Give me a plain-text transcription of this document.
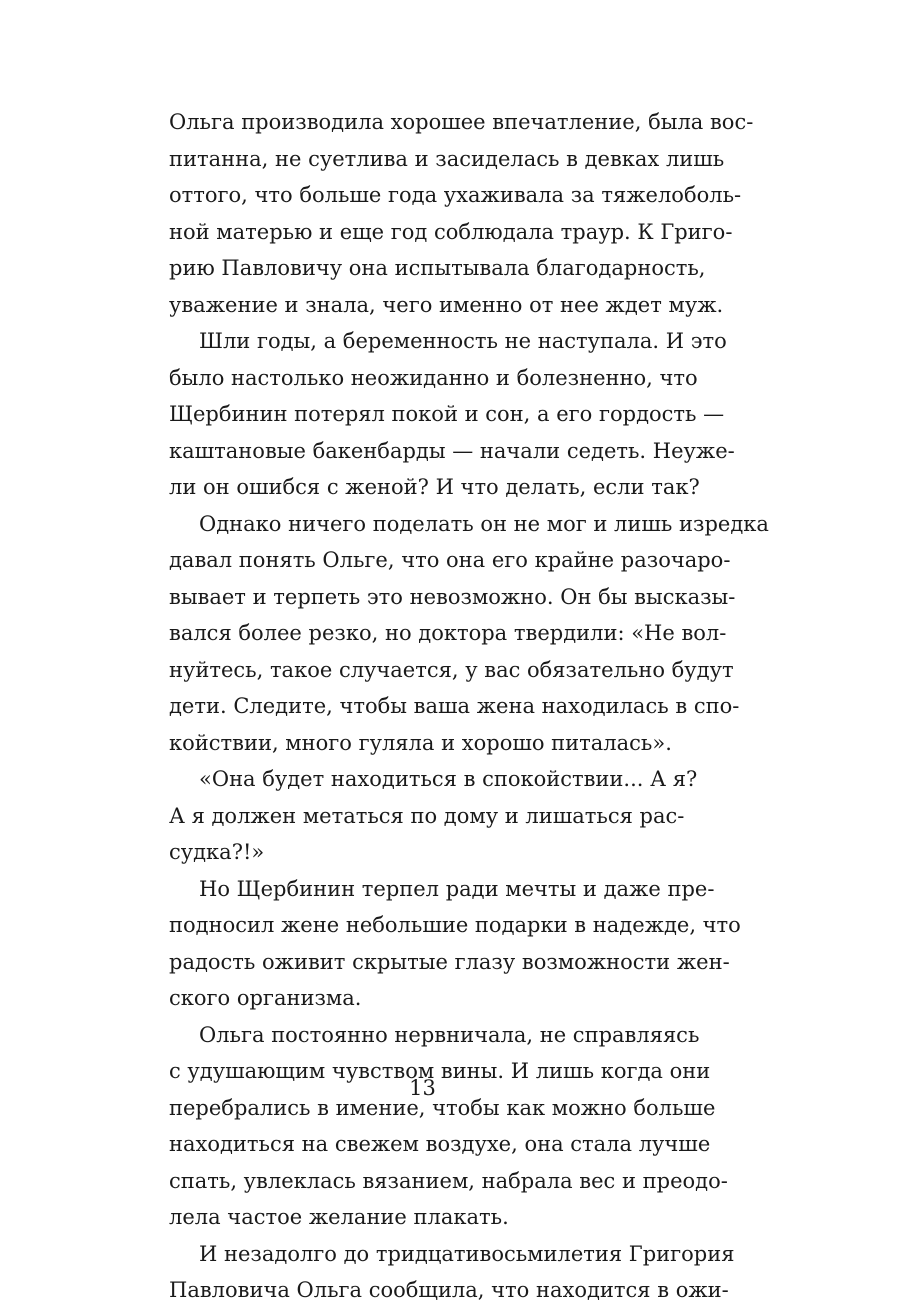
Ольга производила хорошее впечатление, была вос-
питанна, не суетлива и засиделась в девках лишь
оттого, что больше года ухаживала за тяжелоболь-
ной матерью и еще год соблюдала траур. К Григо-
рию Павловичу она испытывала благодарность,
уважение и знала, чего именно от нее ждет муж.
Шли годы, а беременность не наступала. И это
было настолько неожиданно и болезненно, что
Щербинин потерял покой и сон, а его гордость —
каштановые бакенбарды — начали седеть. Неуже-
ли он ошибся с женой? И что делать, если так?
Однако ничего поделать он не мог и лишь изредка
давал понять Ольге, что она его крайне разочаро-
вывает и терпеть это невозможно. Он бы высказы-
вался более резко, но доктора твердили: «Не вол-
нуйтесь, такое случается, у вас обязательно будут
дети. Следите, чтобы ваша жена находилась в спо-
койствии, много гуляла и хорошо питалась».
«Она будет находиться в спокойствии... А я?
А я должен метаться по дому и лишаться рас-
судка?!»
Но Щербинин терпел ради мечты и даже пре-
подносил жене небольшие подарки в надежде, что
радость оживит скрытые глазу возможности жен-
ского организма.
Ольга постоянно нервничала, не справляясь
с удушающим чувством вины. И лишь когда они
перебрались в имение, чтобы как можно больше
находиться на свежем воздухе, она стала лучше
спать, увлеклась вязанием, набрала вес и преодо-
лела частое желание плакать.
И незадолго до тридцативосьмилетия Григория
Павловича Ольга сообщила, что находится в ожи-
13
